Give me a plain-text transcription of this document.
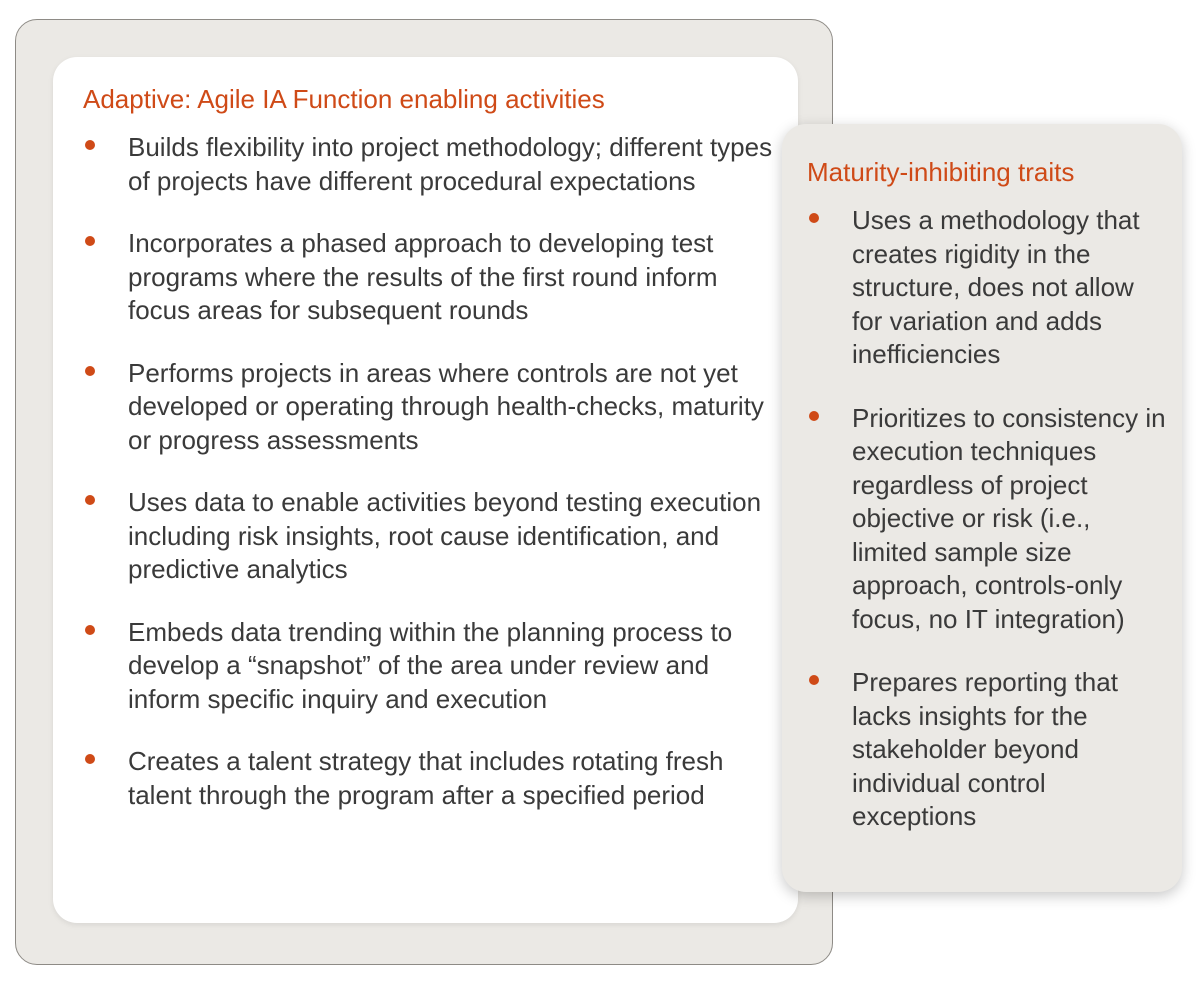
Adaptive: Agile IA Function enabling activities
Builds flexibility into project methodology; different types of projects have different procedural expectations
Incorporates a phased approach to developing test programs where the results of the first round inform focus areas for subsequent rounds
Performs projects in areas where controls are not yet developed or operating through health-checks, maturity or progress assessments
Uses data to enable activities beyond testing execution including risk insights, root cause identification, and predictive analytics
Embeds data trending within the planning process to develop a “snapshot” of the area under review and inform specific inquiry and execution
Creates a talent strategy that includes rotating fresh talent through the program after a specified period
Maturity-inhibiting traits
Uses a methodology that creates rigidity in the structure, does not allow for variation and adds inefficiencies
Prioritizes to consistency in execution techniques regardless of project objective or risk (i.e., limited sample size approach, controls-only focus, no IT integration)
Prepares reporting that lacks insights for the stakeholder beyond individual control exceptions
